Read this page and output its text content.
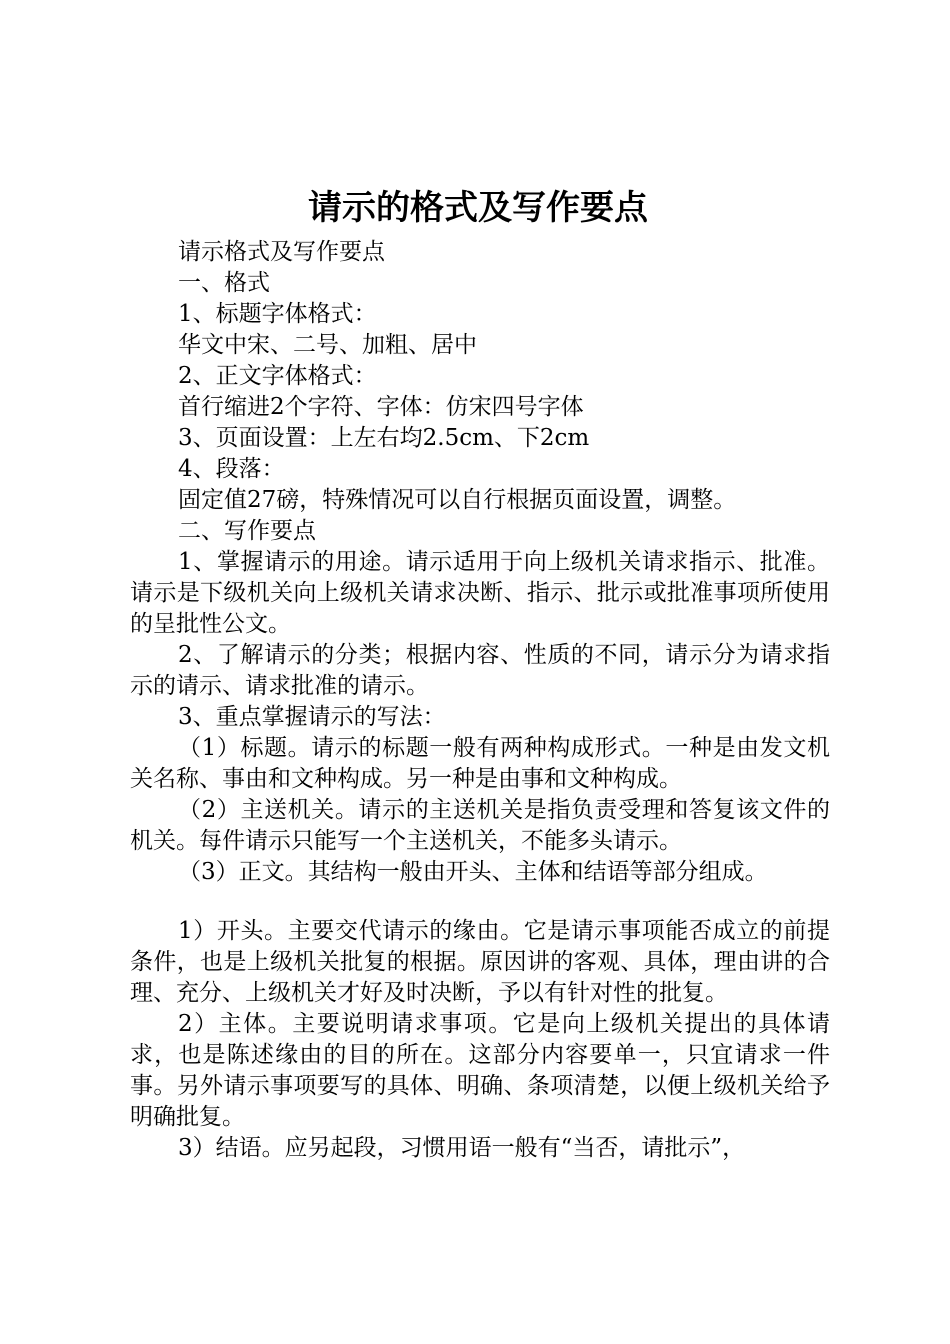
请示的格式及写作要点

请示格式及写作要点

一、格式

1、标题字体格式：

华文中宋、二号、加粗、居中

2、正文字体格式：

首行缩进2个字符、字体：仿宋四号字体

3、页面设置：上左右均2.5cm、下2cm

4、段落：

固定值27磅，特殊情况可以自行根据页面设置，调整。

二、写作要点

1、掌握请示的用途。请示适用于向上级机关请求指示、批准。请示是下级机关向上级机关请求决断、指示、批示或批准事项所使用的呈批性公文。

2、了解请示的分类；根据内容、性质的不同，请示分为请求指示的请示、请求批准的请示。

3、重点掌握请示的写法：

（1）标题。请示的标题一般有两种构成形式。一种是由发文机关名称、事由和文种构成。另一种是由事和文种构成。

（2）主送机关。请示的主送机关是指负责受理和答复该文件的机关。每件请示只能写一个主送机关，不能多头请示。

（3）正文。其结构一般由开头、主体和结语等部分组成。

1）开头。主要交代请示的缘由。它是请示事项能否成立的前提条件，也是上级机关批复的根据。原因讲的客观、具体，理由讲的合理、充分、上级机关才好及时决断，予以有针对性的批复。

2）主体。主要说明请求事项。它是向上级机关提出的具体请求，也是陈述缘由的目的所在。这部分内容要单一，只宜请求一件事。另外请示事项要写的具体、明确、条项清楚，以便上级机关给予明确批复。

3）结语。应另起段，习惯用语一般有“当否，请批示”，
